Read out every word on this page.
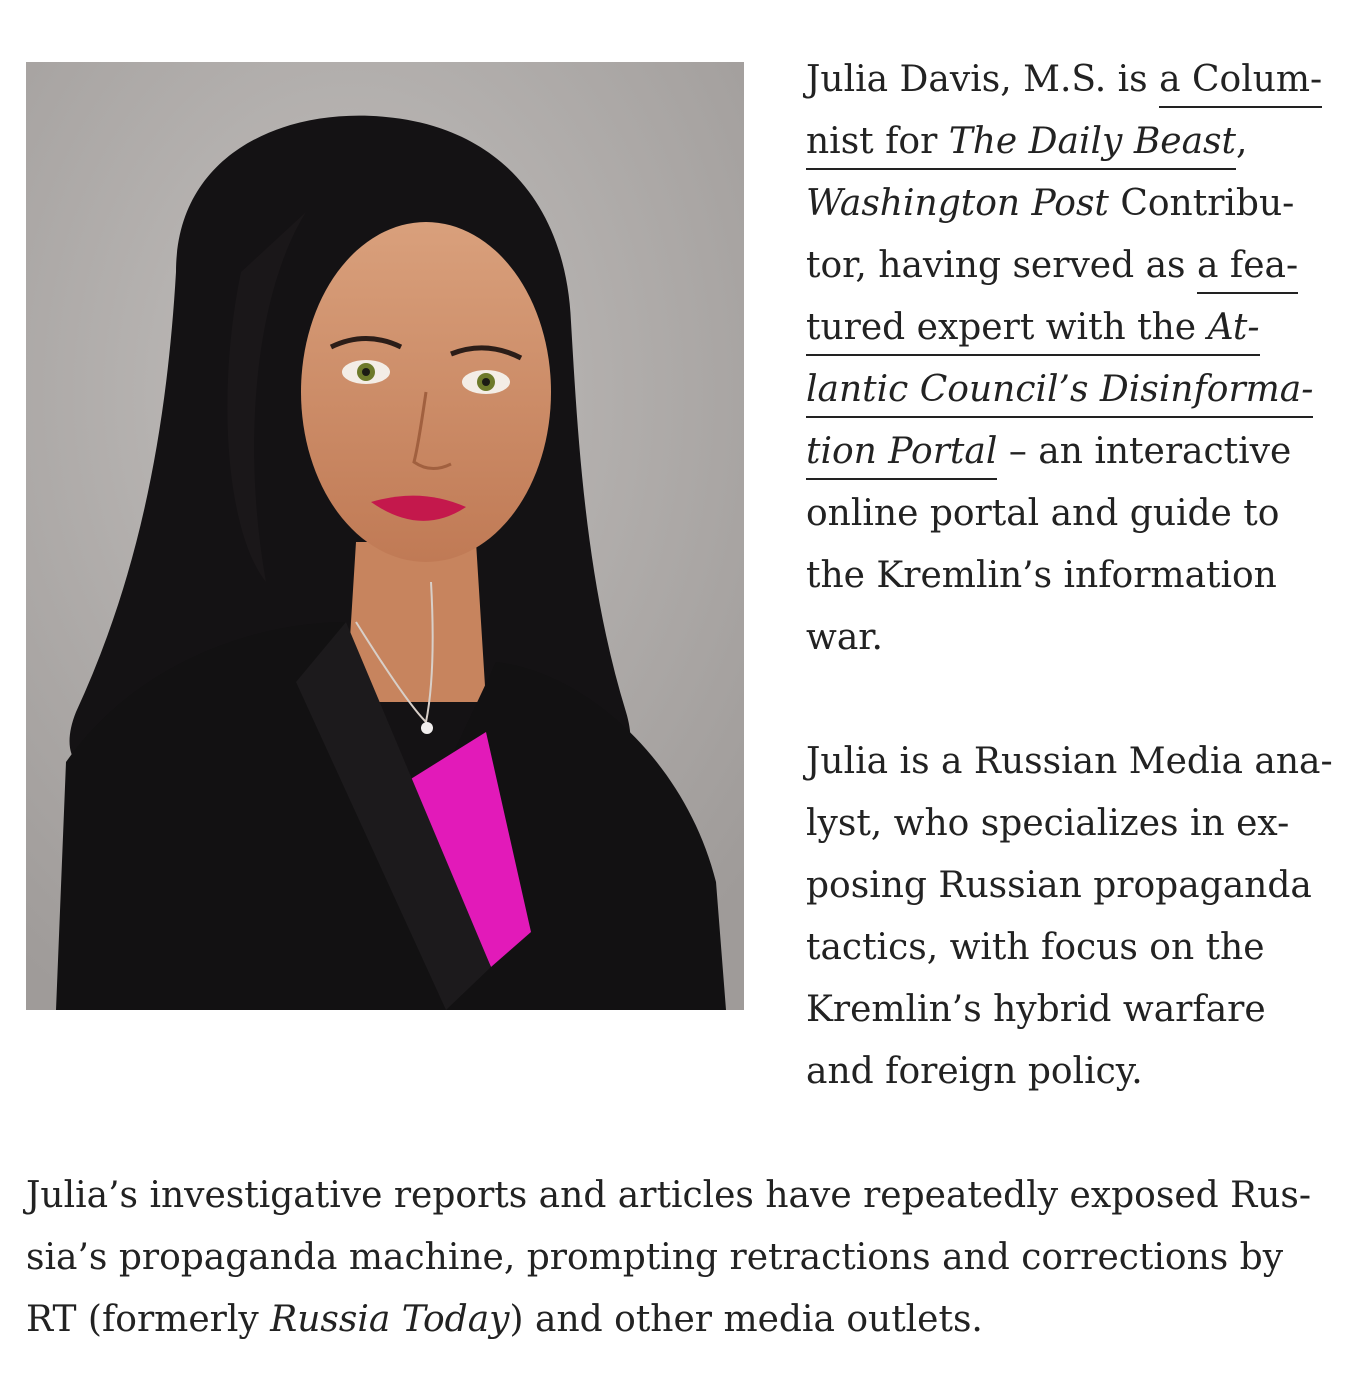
Julia Davis, M.S. is a Colum-
nist for The Daily Beast,
Washington Post Contribu-
tor, having served as a fea-
tured expert with the At-
lantic Council’s Disinforma-
tion Portal – an interactive
online portal and guide to
the Kremlin’s information
war.
Julia is a Russian Media ana-
lyst, who specializes in ex-
posing Russian propaganda
tactics, with focus on the
Kremlin’s hybrid warfare
and foreign policy.
Julia’s investigative reports and articles have repeatedly exposed Rus-
sia’s propaganda machine, prompting retractions and corrections by
RT (formerly Russia Today) and other media outlets.
